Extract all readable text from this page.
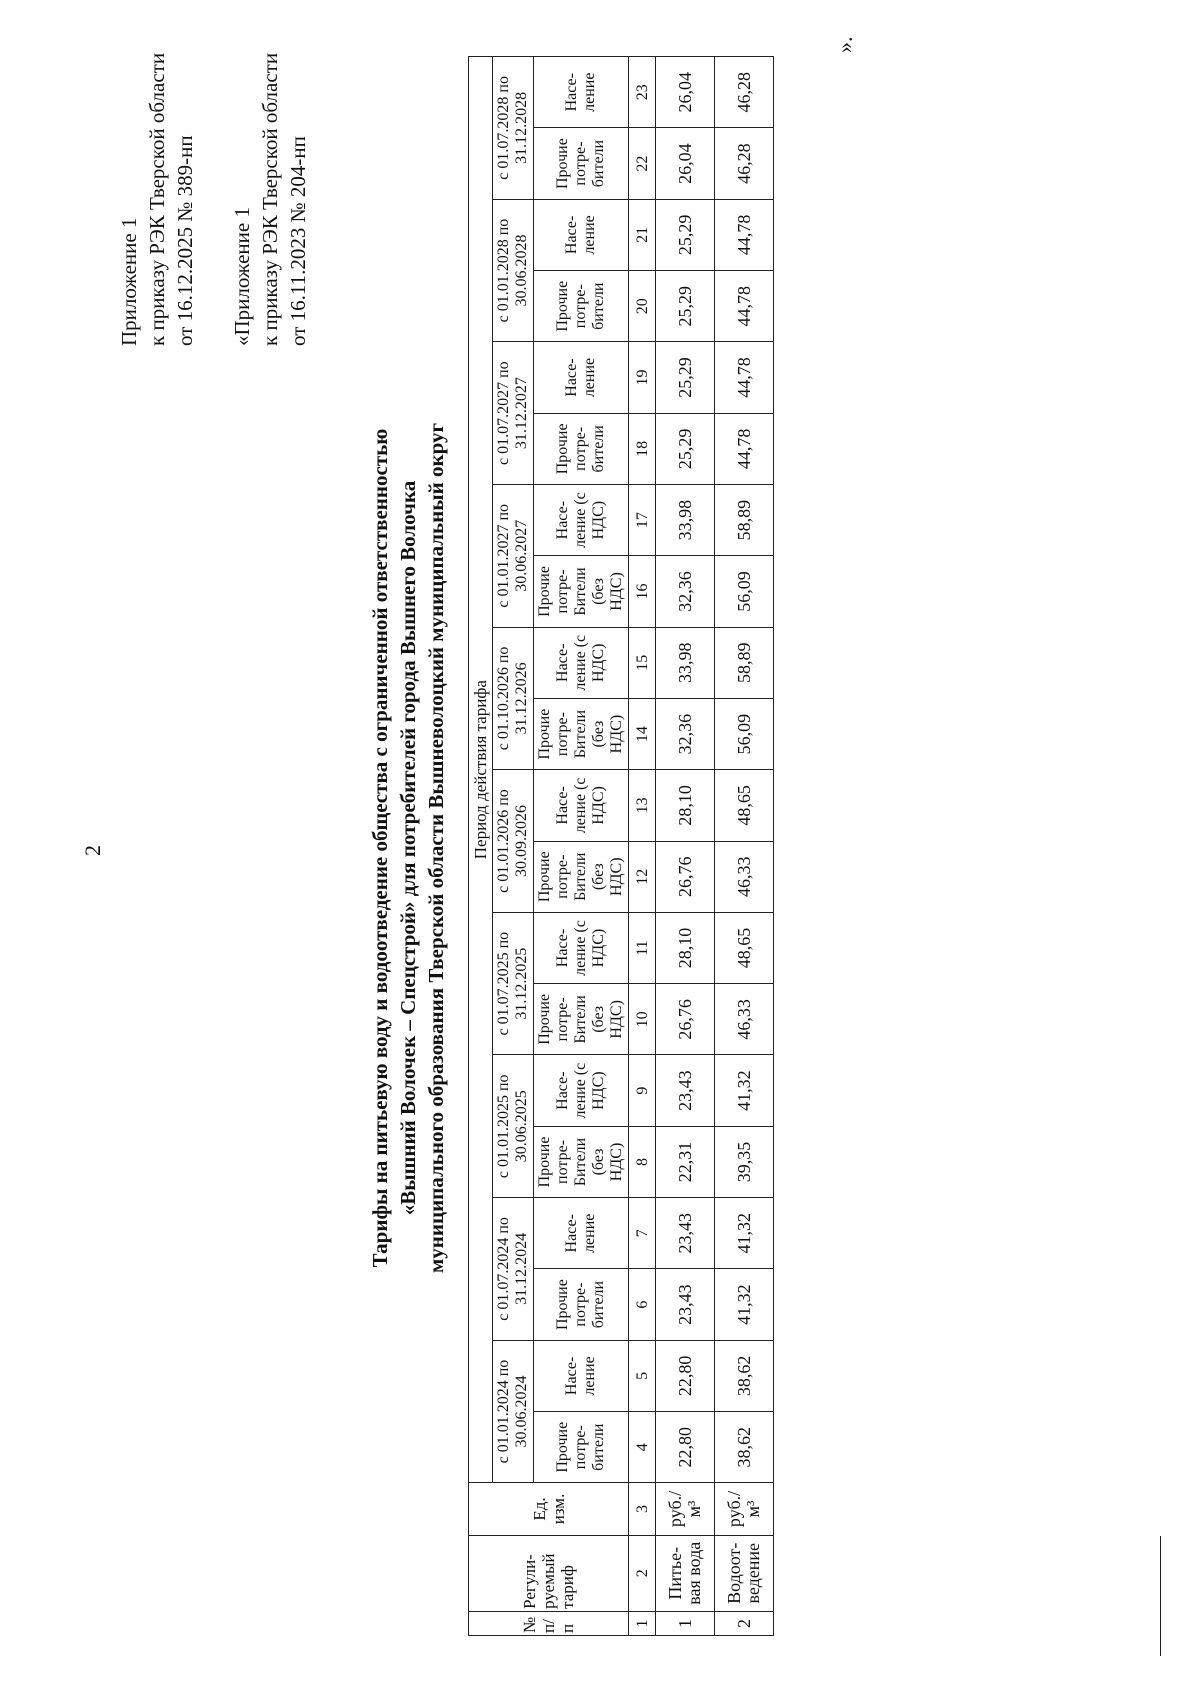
2
Приложение 1 к приказу РЭК Тверской области от 16.12.2025 № 389-нп «Приложение 1 к приказу РЭК Тверской области от 16.11.2023 № 204-нп
Тарифы на питьевую воду и водоотведение общества с ограниченной ответственностью «Вышний Волочек – Спецстрой» для потребителей города Вышнего Волочка муниципального образования Тверской области Вышневолоцкий муниципальный округ
№ п/п	Регули-руемый тариф	Ед. изм.	Период действия тарифа																			
			с 01.01.2024 по 30.06.2024		с 01.07.2024 по 31.12.2024		с 01.01.2025 по 30.06.2025		с 01.07.2025 по 31.12.2025		с 01.01.2026 по 30.09.2026		с 01.10.2026 по 31.12.2026		с 01.01.2027 по 30.06.2027		с 01.07.2027 по 31.12.2027		с 01.01.2028 по 30.06.2028		с 01.07.2028 по 31.12.2028	
			Прочие потре-бители	Насе-ление	Прочие потре-бители	Насе-ление	Прочие потре-Бители (без НДС)	Насе-ление (с НДС)	Прочие потре-Бители (без НДС)	Насе-ление (с НДС)	Прочие потре-Бители (без НДС)	Насе-ление (с НДС)	Прочие потре-Бители (без НДС)	Насе-ление (с НДС)	Прочие потре-Бители (без НДС)	Насе-ление (с НДС)	Прочие потре-бители	Насе-ление	Прочие потре-бители	Насе-ление	Прочие потре-бители	Насе-ление
1	2	3	4	5	6	7	8	9	10	11	12	13	14	15	16	17	18	19	20	21	22	23
1	Питье-вая вода	руб./м³	22,80	22,80	23,43	23,43	22,31	23,43	26,76	28,10	26,76	28,10	32,36	33,98	32,36	33,98	25,29	25,29	25,29	25,29	26,04	26,04
2	Водоот-ведение	руб./м³	38,62	38,62	41,32	41,32	39,35	41,32	46,33	48,65	46,33	48,65	56,09	58,89	56,09	58,89	44,78	44,78	44,78	44,78	46,28	46,28
».
